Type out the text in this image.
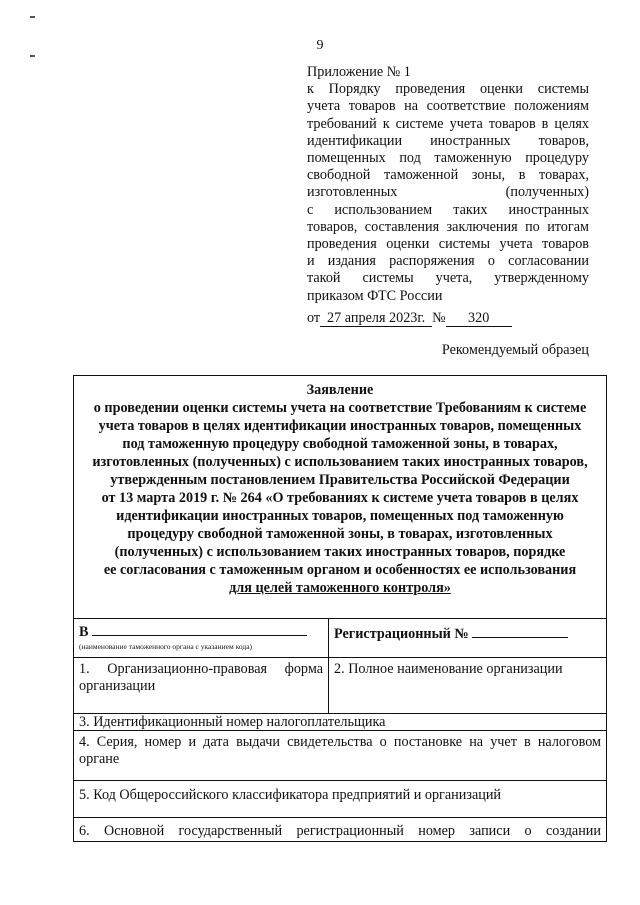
9
Приложение № 1
к Порядку проведения оценки системы
учета товаров на соответствие положениям
требований к системе учета товаров в целях
идентификации иностранных товаров,
помещенных под таможенную процедуру
свободной таможенной зоны, в товарах,
изготовленных (полученных)
с использованием таких иностранных
товаров, составления заключения по итогам
проведения оценки системы учета товаров
и издания распоряжения о согласовании
такой системы учета, утвержденному
приказом ФТС России
от 27 апреля 2023г. № 320
Рекомендуемый образец
Заявление
о проведении оценки системы учета на соответствие Требованиям к системе
учета товаров в целях идентификации иностранных товаров, помещенных
под таможенную процедуру свободной таможенной зоны, в товарах,
изготовленных (полученных) с использованием таких иностранных товаров,
утвержденным постановлением Правительства Российской Федерации
от 13 марта 2019 г. № 264 «О требованиях к системе учета товаров в целях
идентификации иностранных товаров, помещенных под таможенную
процедуру свободной таможенной зоны, в товарах, изготовленных
(полученных) с использованием таких иностранных товаров, порядке
ее согласования с таможенным органом и особенностях ее использования
для целей таможенного контроля»
В
(наименование таможенного органа с указанием кода)
Регистрационный №
1. Организационно-правовая форма
организации
2. Полное наименование организации
3. Идентификационный номер налогоплательщика
4. Серия, номер и дата выдачи свидетельства о постановке на учет в налоговом
органе
5. Код Общероссийского классификатора предприятий и организаций
6. Основной государственный регистрационный номер записи о создании
